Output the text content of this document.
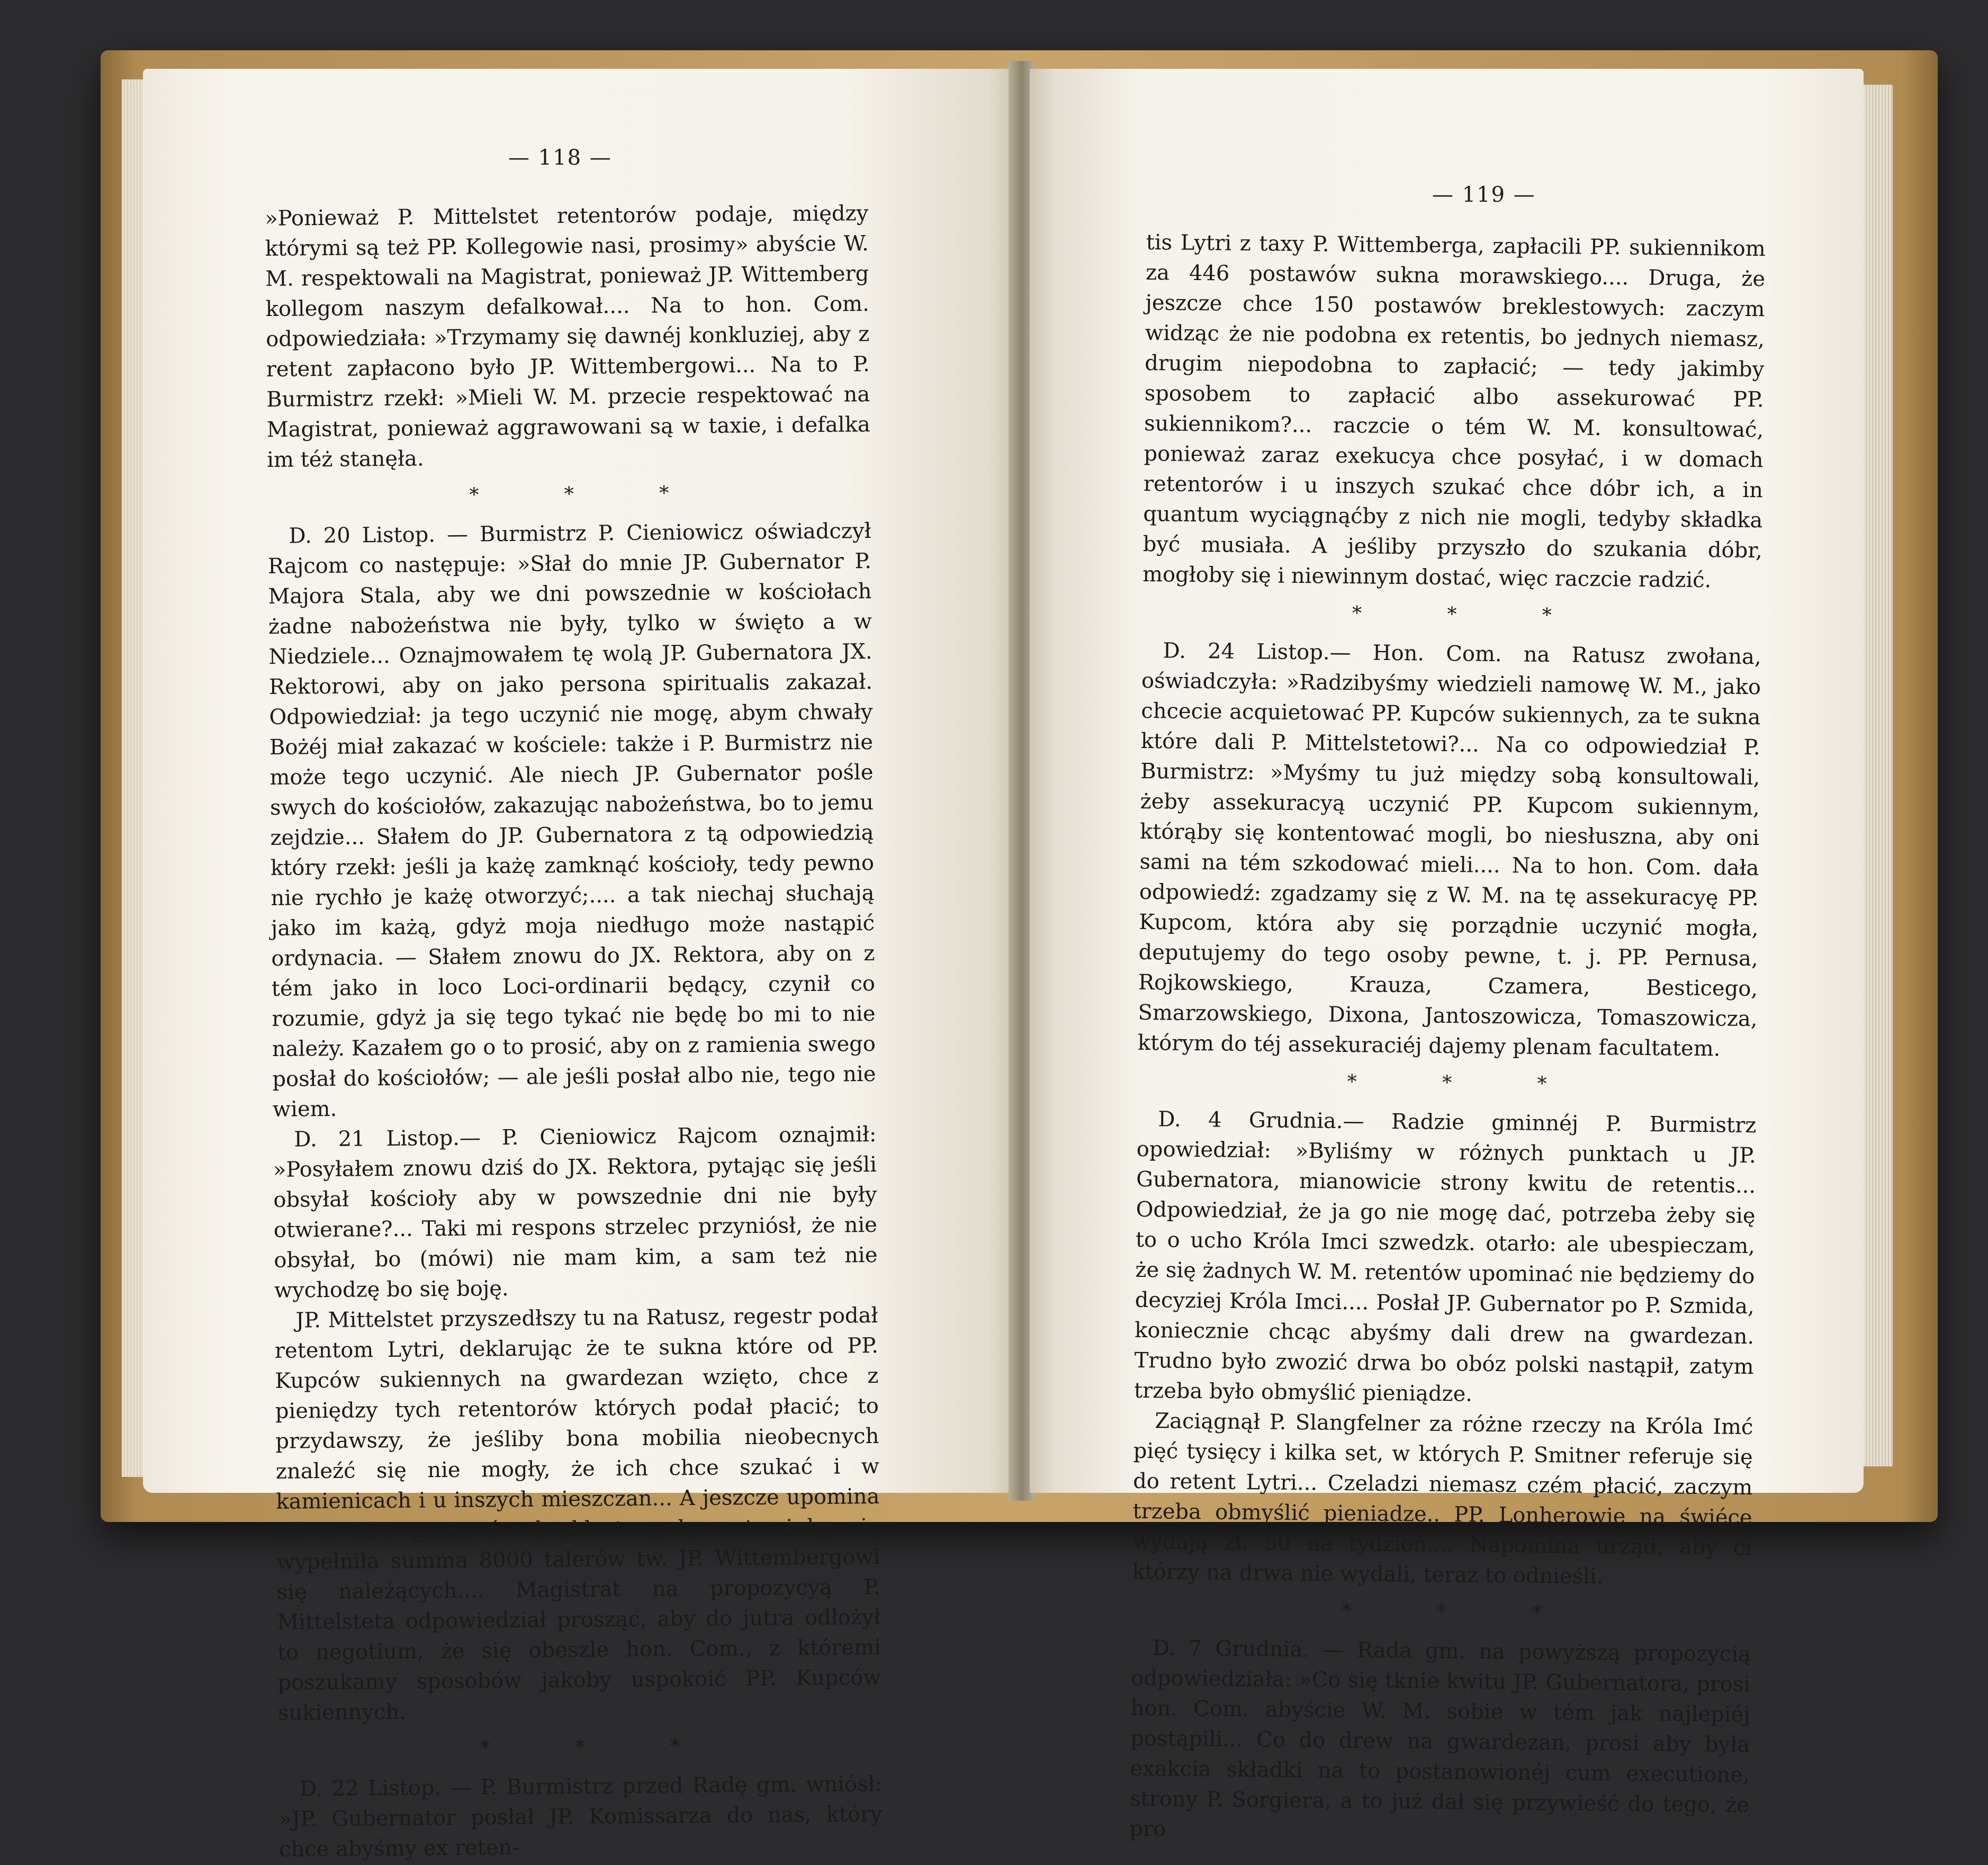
— 118 —

»Ponieważ P. Mittelstet retentorów podaje, między którymi są też PP. Kollegowie nasi, prosimy» abyście W. M. respektowali na Magistrat, ponieważ JP. Wittemberg kollegom naszym defalkował.... Na to hon. Com. odpowiedziała: »Trzymamy się dawnéj konkluziej, aby z retent zapłacono było JP. Wittembergowi... Na to P. Burmistrz rzekł: »Mieli W. M. przecie respektować na Magistrat, ponieważ aggrawowani są w taxie, i defalka im téż stanęła.

* * *

D. 20 Listop. — Burmistrz P. Cieniowicz oświadczył Rajcom co następuje: »Słał do mnie JP. Gubernator P. Majora Stala, aby we dni powszednie w kościołach żadne nabożeństwa nie były, tylko w święto a w Niedziele... Oznajmowałem tę wolą JP. Gubernatora JX. Rektorowi, aby on jako persona spiritualis zakazał. Odpowiedział: ja tego uczynić nie mogę, abym chwały Bożéj miał zakazać w kościele: także i P. Burmistrz nie może tego uczynić. Ale niech JP. Gubernator pośle swych do kościołów, zakazując nabożeństwa, bo to jemu zejdzie... Słałem do JP. Gubernatora z tą odpowiedzią który rzekł: jeśli ja każę zamknąć kościoły, tedy pewno nie rychło je każę otworzyć;.... a tak niechaj słuchają jako im każą, gdyż moja niedługo może nastąpić ordynacia. — Słałem znowu do JX. Rektora, aby on z tém jako in loco Loci-ordinarii będący, czynił co rozumie, gdyż ja się tego tykać nie będę bo mi to nie należy. Kazałem go o to prosić, aby on z ramienia swego posłał do kościołów; — ale jeśli posłał albo nie, tego nie wiem.

D. 21 Listop.— P. Cieniowicz Rajcom oznajmił: »Posyłałem znowu dziś do JX. Rektora, pytając się jeśli obsyłał kościoły aby w powszednie dni nie były otwierane?... Taki mi respons strzelec przyniósł, że nie obsyłał, bo (mówi) nie mam kim, a sam też nie wychodzę bo się boję.

JP. Mittelstet przyszedłszy tu na Ratusz, regestr podał retentom Lytri, deklarując że te sukna które od PP. Kupców sukiennych na gwardezan wzięto, chce z pieniędzy tych retentorów których podał płacić; to przydawszy, że jeśliby bona mobilia nieobecnych znaleźć się nie mogły, że ich chce szukać i w kamienicach i u inszych mieszczan... A jeszcze upomina się o 150 postawów breklestowych, a to żeby się wypełniła summa 8000 talerów tw. JP. Wittembergowi się należących.... Magistrat na propozycyą P. Mittelsteta odpowiedział prosząc, aby do jutra odłożył to negotium, że się obeszle hon. Com., z któremi poszukamy sposobów jakoby uspokoić PP. Kupców sukiennych.

* * *

D. 22 Listop. — P. Burmistrz przed Radę gm. wniósł: »JP. Gubernator posłał JP. Komissarza do nas, który chce abyśmy ex reten-

— 119 —

tis Lytri z taxy P. Wittemberga, zapłacili PP. sukiennikom za 446 postawów sukna morawskiego.... Druga, że jeszcze chce 150 postawów breklestowych: zaczym widząc że nie podobna ex retentis, bo jednych niemasz, drugim niepodobna to zapłacić; — tedy jakimby sposobem to zapłacić albo assekurować PP. sukiennikom?... raczcie o tém W. M. konsultować, ponieważ zaraz exekucya chce posyłać, i w domach retentorów i u inszych szukać chce dóbr ich, a in quantum wyciągnąćby z nich nie mogli, tedyby składka być musiała. A jeśliby przyszło do szukania dóbr, mogłoby się i niewinnym dostać, więc raczcie radzić.

* * *

D. 24 Listop.— Hon. Com. na Ratusz zwołana, oświadczyła: »Radzibyśmy wiedzieli namowę W. M., jako chcecie acquietować PP. Kupców sukiennych, za te sukna które dali P. Mittelstetowi?... Na co odpowiedział P. Burmistrz: »Myśmy tu już między sobą konsultowali, żeby assekuracyą uczynić PP. Kupcom sukiennym, którąby się kontentować mogli, bo niesłuszna, aby oni sami na tém szkodować mieli.... Na to hon. Com. dała odpowiedź: zgadzamy się z W. M. na tę assekuracyę PP. Kupcom, która aby się porządnie uczynić mogła, deputujemy do tego osoby pewne, t. j. PP. Pernusa, Rojkowskiego, Krauza, Czamera, Besticego, Smarzowskiego, Dixona, Jantoszowicza, Tomaszowicza, którym do téj assekuraciéj dajemy plenam facultatem.

* * *

D. 4 Grudnia.— Radzie gminnéj P. Burmistrz opowiedział: »Byliśmy w różnych punktach u JP. Gubernatora, mianowicie strony kwitu de retentis... Odpowiedział, że ja go nie mogę dać, potrzeba żeby się to o ucho Króla Imci szwedzk. otarło: ale ubespieczam, że się żadnych W. M. retentów upominać nie będziemy do decyziej Króla Imci.... Posłał JP. Gubernator po P. Szmida, koniecznie chcąc abyśmy dali drew na gwardezan. Trudno było zwozić drwa bo obóz polski nastąpił, zatym trzeba było obmyślić pieniądze.

Zaciągnął P. Slangfelner za różne rzeczy na Króla Imć pięć tysięcy i kilka set, w których P. Smitner referuje się do retent Lytri... Czeladzi niemasz czém płacić, zaczym trzeba obmyślić pieniądze.. PP. Lonherowie na świéce wydają zł. 50 na tydzień.... Napomina urząd, aby ci którzy na drwa nie wydali, teraz to odnieśli.

* * *

D. 7 Grudnia. — Rada gm. na powyższą propozycią odpowiedziała: »Co się tknie kwitu JP. Gubernatora, prosi hon. Com. abyście W. M. sobie w tém jak najlepiéj postąpili... Co do drew na gwardezan, prosi aby była exakcia składki na to postanowionéj cum executione, strony P. Sorgiera, a to już dał się przywieść do tego, że pro
